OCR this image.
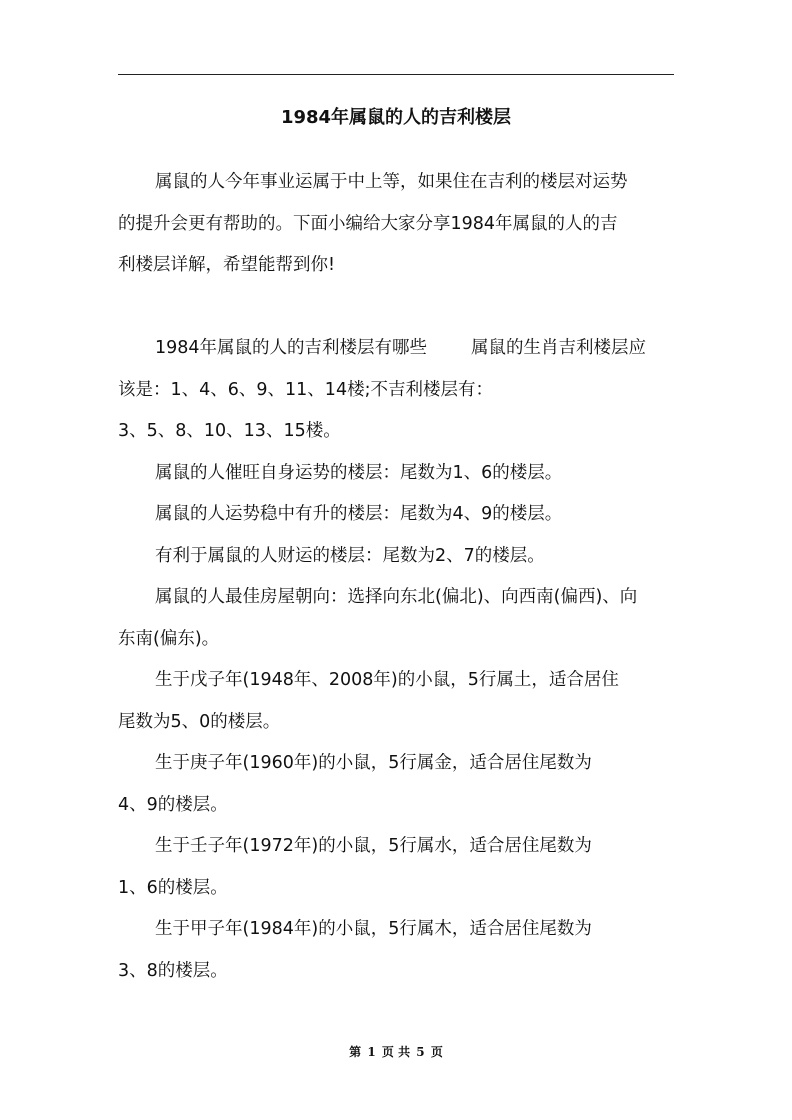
1984年属鼠的人的吉利楼层
属鼠的人今年事业运属于中上等，如果住在吉利的楼层对运势
的提升会更有帮助的。下面小编给大家分享1984年属鼠的人的吉
利楼层详解，希望能帮到你!
1984年属鼠的人的吉利楼层有哪些	属鼠的生肖吉利楼层应
该是：1、4、6、9、11、14楼;不吉利楼层有：
3、5、8、10、13、15楼。
属鼠的人催旺自身运势的楼层：尾数为1、6的楼层。
属鼠的人运势稳中有升的楼层：尾数为4、9的楼层。
有利于属鼠的人财运的楼层：尾数为2、7的楼层。
属鼠的人最佳房屋朝向：选择向东北(偏北)、向西南(偏西)、向
东南(偏东)。
生于戊子年(1948年、2008年)的小鼠，5行属土，适合居住
尾数为5、0的楼层。
生于庚子年(1960年)的小鼠，5行属金，适合居住尾数为
4、9的楼层。
生于壬子年(1972年)的小鼠，5行属水，适合居住尾数为
1、6的楼层。
生于甲子年(1984年)的小鼠，5行属木，适合居住尾数为
3、8的楼层。
第 1 页 共 5 页
